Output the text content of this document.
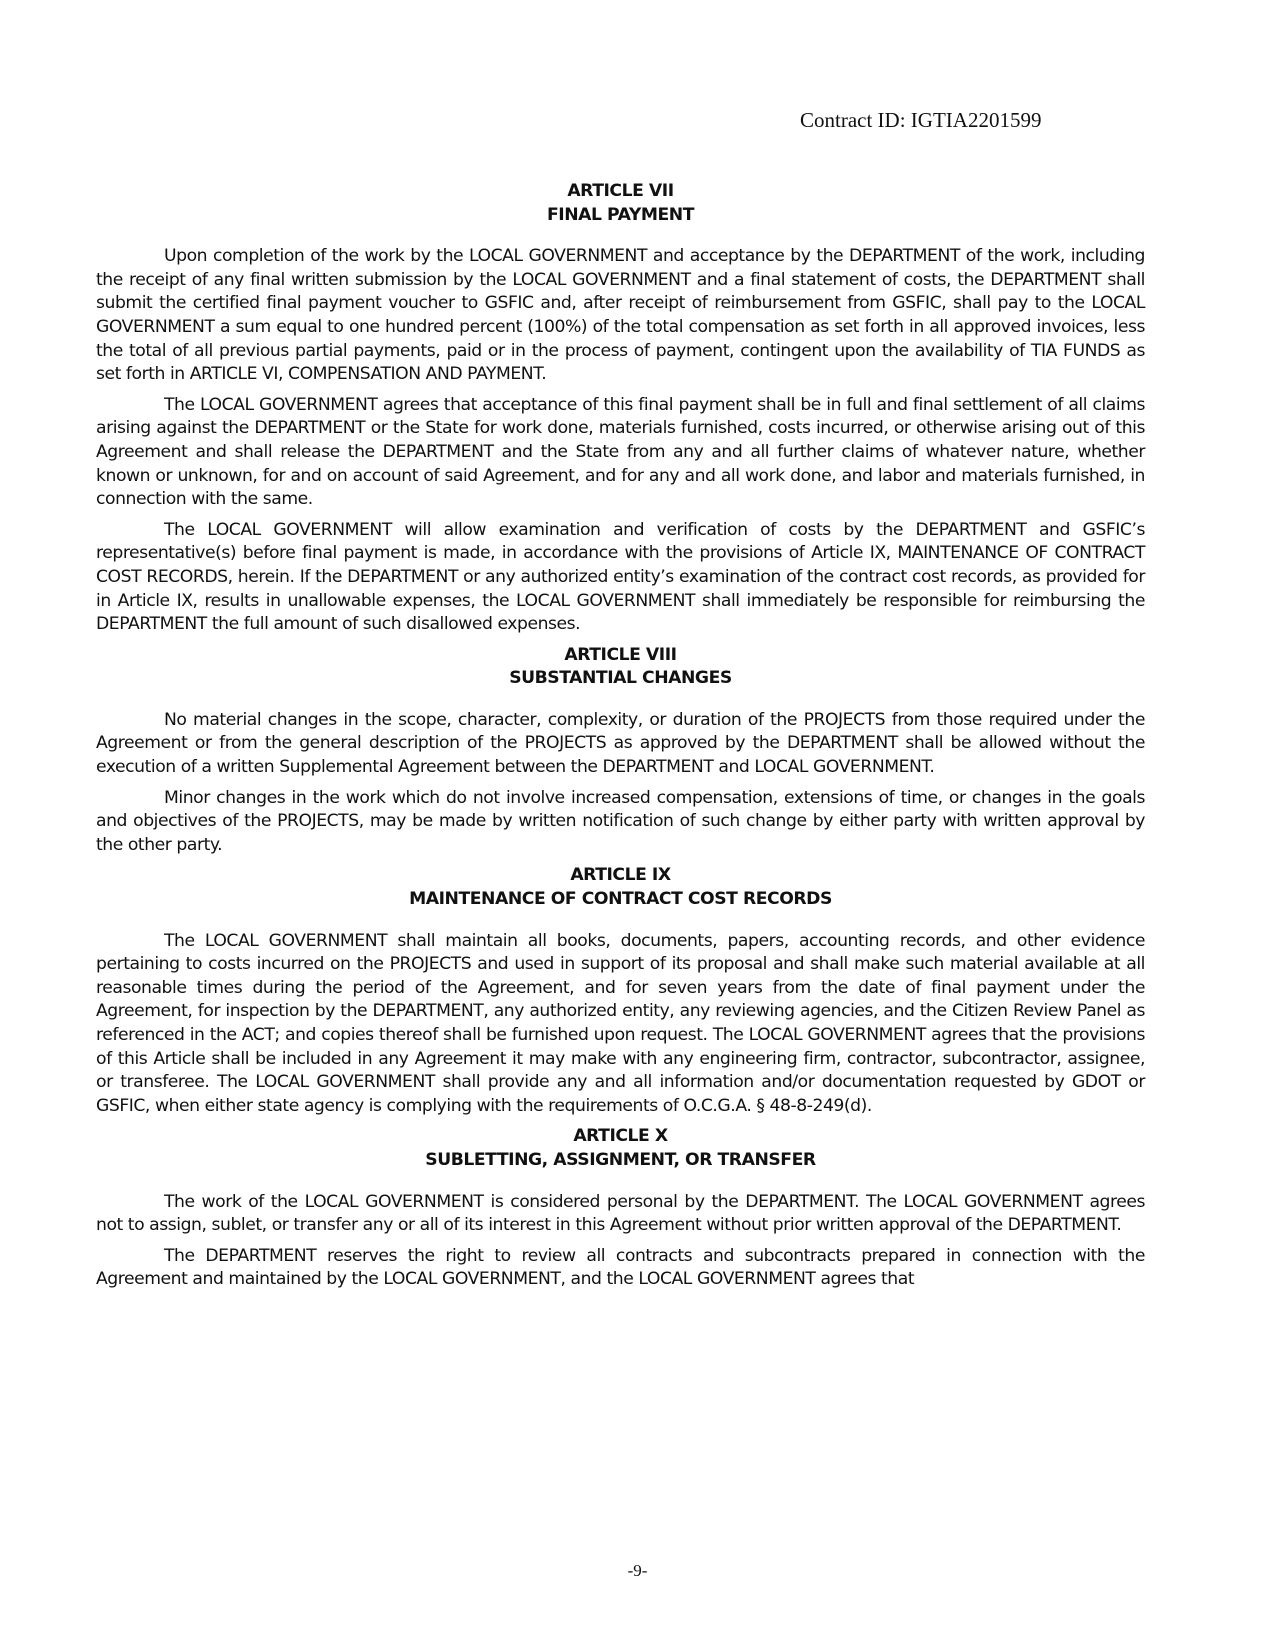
Contract ID: IGTIA2201599
ARTICLE VII
FINAL PAYMENT

Upon completion of the work by the LOCAL GOVERNMENT and acceptance by the DEPARTMENT of the work, including the receipt of any final written submission by the LOCAL GOVERNMENT and a final statement of costs, the DEPARTMENT shall submit the certified final payment voucher to GSFIC and, after receipt of reimbursement from GSFIC, shall pay to the LOCAL GOVERNMENT a sum equal to one hundred percent (100%) of the total compensation as set forth in all approved invoices, less the total of all previous partial payments, paid or in the process of payment, contingent upon the availability of TIA FUNDS as set forth in ARTICLE VI, COMPENSATION AND PAYMENT.

The LOCAL GOVERNMENT agrees that acceptance of this final payment shall be in full and final settlement of all claims arising against the DEPARTMENT or the State for work done, materials furnished, costs incurred, or otherwise arising out of this Agreement and shall release the DEPARTMENT and the State from any and all further claims of whatever nature, whether known or unknown, for and on account of said Agreement, and for any and all work done, and labor and materials furnished, in connection with the same.

The LOCAL GOVERNMENT will allow examination and verification of costs by the DEPARTMENT and GSFIC’s representative(s) before final payment is made, in accordance with the provisions of Article IX, MAINTENANCE OF CONTRACT COST RECORDS, herein. If the DEPARTMENT or any authorized entity’s examination of the contract cost records, as provided for in Article IX, results in unallowable expenses, the LOCAL GOVERNMENT shall immediately be responsible for reimbursing the DEPARTMENT the full amount of such disallowed expenses.

ARTICLE VIII
SUBSTANTIAL CHANGES

No material changes in the scope, character, complexity, or duration of the PROJECTS from those required under the Agreement or from the general description of the PROJECTS as approved by the DEPARTMENT shall be allowed without the execution of a written Supplemental Agreement between the DEPARTMENT and LOCAL GOVERNMENT.

Minor changes in the work which do not involve increased compensation, extensions of time, or changes in the goals and objectives of the PROJECTS, may be made by written notification of such change by either party with written approval by the other party.

ARTICLE IX
MAINTENANCE OF CONTRACT COST RECORDS

The LOCAL GOVERNMENT shall maintain all books, documents, papers, accounting records, and other evidence pertaining to costs incurred on the PROJECTS and used in support of its proposal and shall make such material available at all reasonable times during the period of the Agreement, and for seven years from the date of final payment under the Agreement, for inspection by the DEPARTMENT, any authorized entity, any reviewing agencies, and the Citizen Review Panel as referenced in the ACT; and copies thereof shall be furnished upon request. The LOCAL GOVERNMENT agrees that the provisions of this Article shall be included in any Agreement it may make with any engineering firm, contractor, subcontractor, assignee, or transferee. The LOCAL GOVERNMENT shall provide any and all information and/or documentation requested by GDOT or GSFIC, when either state agency is complying with the requirements of O.C.G.A. § 48-8-249(d).

ARTICLE X
SUBLETTING, ASSIGNMENT, OR TRANSFER

The work of the LOCAL GOVERNMENT is considered personal by the DEPARTMENT. The LOCAL GOVERNMENT agrees not to assign, sublet, or transfer any or all of its interest in this Agreement without prior written approval of the DEPARTMENT.

The DEPARTMENT reserves the right to review all contracts and subcontracts prepared in connection with the Agreement and maintained by the LOCAL GOVERNMENT, and the LOCAL GOVERNMENT agrees that

-9-
